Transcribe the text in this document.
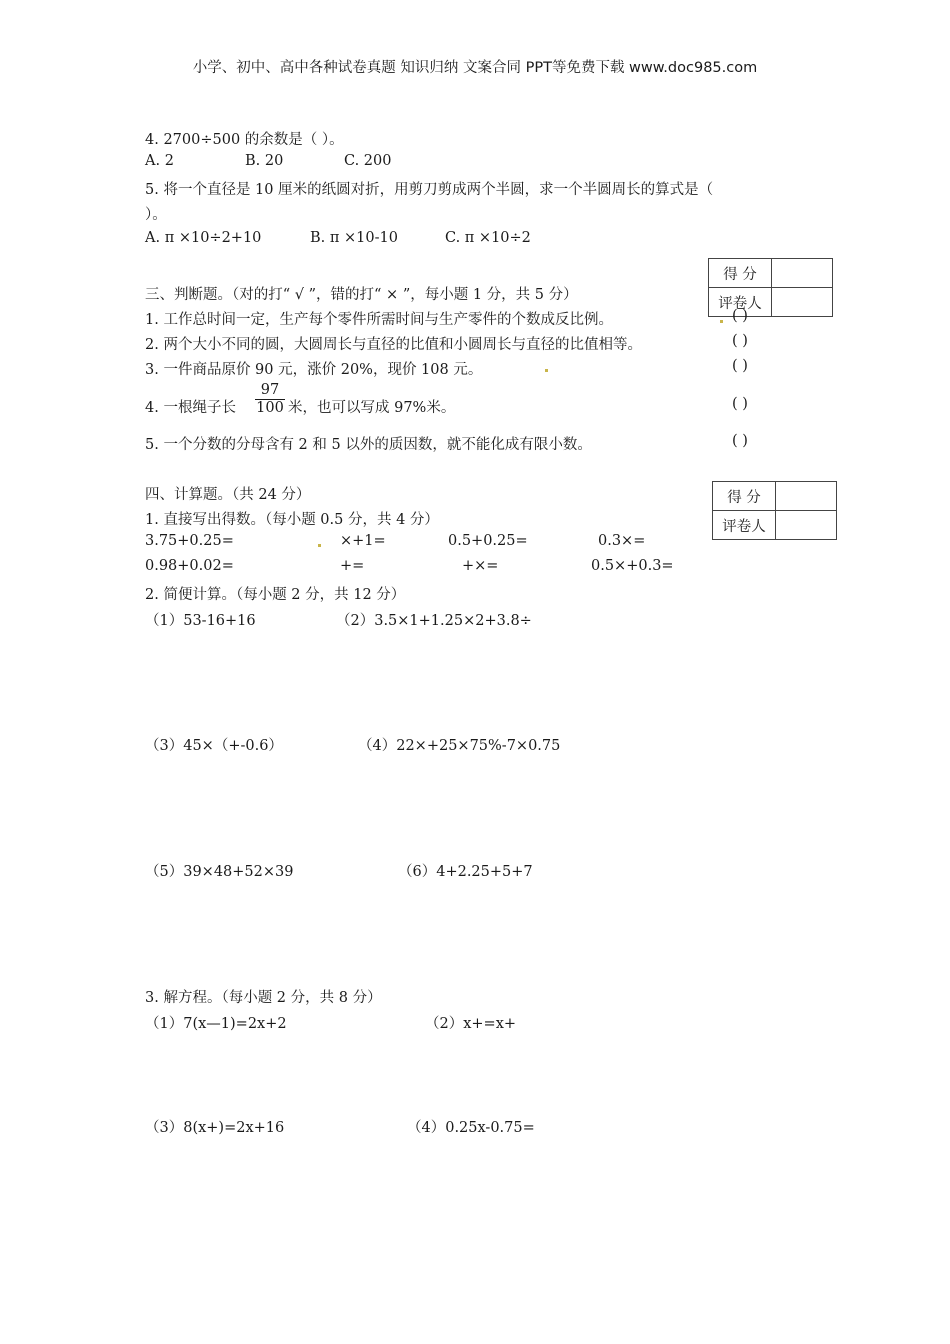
小学、初中、高中各种试卷真题 知识归纳 文案合同 PPT等免费下载 www.doc985.com
4. 2700÷500 的余数是（ ）。
A. 2	B. 20	C. 200
5. 将一个直径是 10 厘米的纸圆对折，用剪刀剪成两个半圆，求一个半圆周长的算式是（
）。
A. π ×10÷2+10	B. π ×10-10	C. π ×10÷2
得 分	
评卷人	
三、判断题。（对的打“ √ ”，错的打“ × ”，每小题 1 分，共 5 分）
1. 工作总时间一定，生产每个零件所需时间与生产零件的个数成反比例。	( )
2. 两个大小不同的圆，大圆周长与直径的比值和小圆周长与直径的比值相等。	( )
3. 一件商品原价 90 元，涨价 20%，现价 108 元。	( )
4. 一根绳子长 $\frac{97}{100}$ 米，也可以写成 97%米。	( )
5. 一个分数的分母含有 2 和 5 以外的质因数，就不能化成有限小数。	( )
得 分	
评卷人	
四、计算题。（共 24 分）
1. 直接写出得数。（每小题 0.5 分，共 4 分）
3.75+0.25=	×+1=	0.5+0.25=	0.3×=
0.98+0.02=	+=	+×=	0.5×+0.3=
2. 简便计算。（每小题 2 分，共 12 分）
（1）53-16+16	（2）3.5×1+1.25×2+3.8÷
（3）45×（+-0.6）	（4）22×+25×75%-7×0.75
（5）39×48+52×39	（6）4+2.25+5+7
3. 解方程。（每小题 2 分，共 8 分）
（1）7(x—1)=2x+2	（2）x+=x+
（3）8(x+)=2x+16	（4）0.25x-0.75=
